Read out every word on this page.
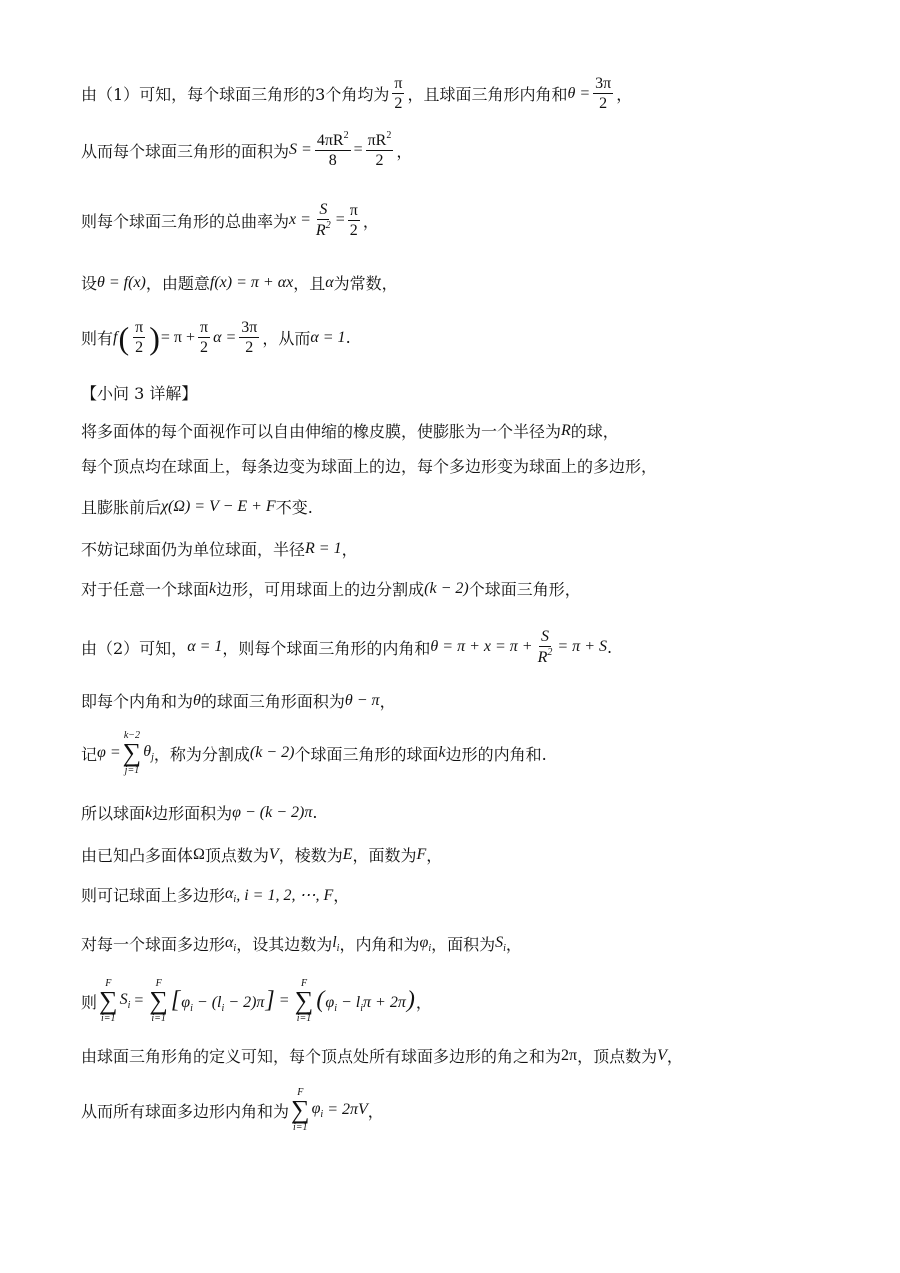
由（1）可知，每个球面三角形的3个角均为 $\frac{\pi}{2}$ ，且球面三角形内角和 $\theta = \frac{3\pi}{2}$ ，
从而每个球面三角形的面积为 $S = \frac{4\pi R^2}{8} = \frac{\pi R^2}{2}$ ，
则每个球面三角形的总曲率为 $x = \frac{S}{R^2} = \frac{\pi}{2}$ ，
设 θ = f(x) ，由题意 f(x) = π + αx ，且 α 为常数，
则有 f ( $\frac{\pi}{2}$ ) = $\pi + \frac{\pi}{2}$ $\alpha = \frac{3\pi}{2}$ ，从而 α = 1 .
【小问 3 详解】
将多面体的每个面视作可以自由伸缩的橡皮膜，使膨胀为一个半径为 R 的球，
每个顶点均在球面上，每条边变为球面上的边，每个多边形变为球面上的多边形，
且膨胀前后 χ(Ω) = V − E + F 不变.
不妨记球面仍为单位球面，半径 R = 1 ，
对于任意一个球面 k 边形，可用球面上的边分割成 (k − 2) 个球面三角形，
由（2）可知， α = 1 ，则每个球面三角形的内角和 $\theta = \pi + x = \pi + \frac{S}{R^2} = \pi + S$ .
即每个内角和为 θ 的球面三角形面积为 θ − π ，
记 φ =
k−2
∑
j=1
$\theta_j$ ，称为分割成 (k − 2) 个球面三角形的球面 k 边形的内角和.
所以球面 k 边形面积为 φ − (k − 2)π .
由已知凸多面体 Ω 顶点数为 V ，棱数为 E ，面数为 F ，
则可记球面上多边形 $\alpha_i$ , i = 1, 2, ⋯, F ，
对每一个球面多边形 $\alpha_i$ ，设其边数为 $l_i$ ，内角和为 $\varphi_i$ ，面积为 $S_i$ ，
则
F
∑
i=1
$S_i$ =
F
∑
i=1
$[\varphi_i - (l_i - 2)\pi]$ =
F
∑
i=1
$(\varphi_i - l_i\pi + 2\pi)$ ，
由球面三角形角的定义可知，每个顶点处所有球面多边形的角之和为 2π ，顶点数为 V ，
从而所有球面多边形内角和为
F
∑
i=1
$\varphi_i = 2\pi V$ ，
